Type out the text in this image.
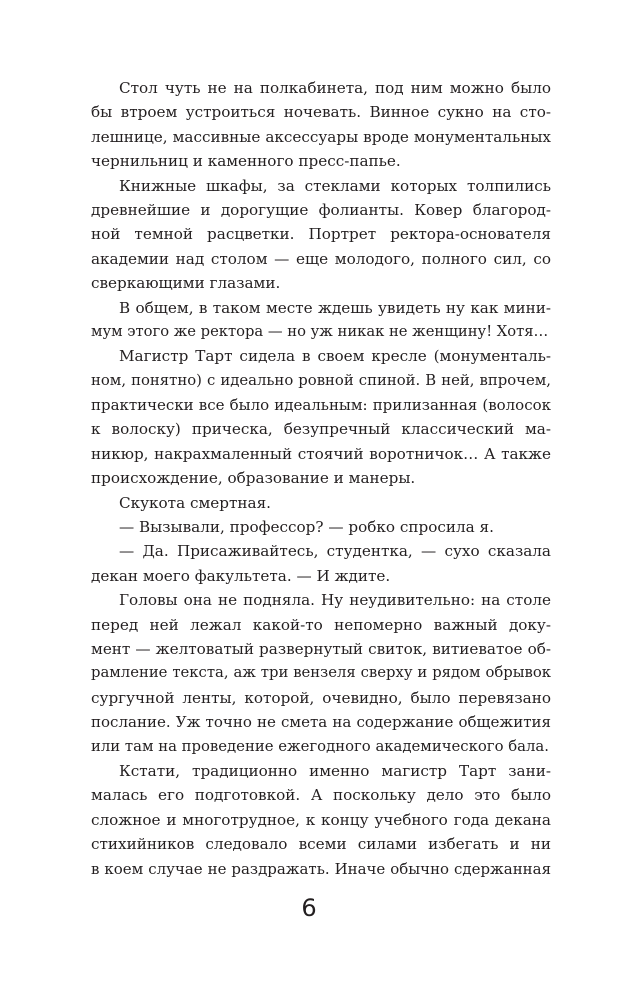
Стол чуть не на полкабинета, под ним можно было
бы втроем устроиться ночевать. Винное сукно на сто-
лешнице, массивные аксессуары вроде монументальных
чернильниц и каменного пресс-папье.
Книжные шкафы, за стеклами которых толпились
древнейшие и дорогущие фолианты. Ковер благород-
ной темной расцветки. Портрет ректора-основателя
академии над столом — еще молодого, полного сил, со
сверкающими глазами.
В общем, в таком месте ждешь увидеть ну как мини-
мум этого же ректора — но уж никак не женщину! Хотя…
Магистр Тарт сидела в своем кресле (монументаль-
ном, понятно) с идеально ровной спиной. В ней, впрочем,
практически все было идеальным: прилизанная (волосок
к волоску) прическа, безупречный классический ма-
никюр, накрахмаленный стоячий воротничок… А также
происхождение, образование и манеры.
Скукота смертная.
— Вызывали, профессор? — робко спросила я.
— Да. Присаживайтесь, студентка, — сухо сказала
декан моего факультета. — И ждите.
Головы она не подняла. Ну неудивительно: на столе
перед ней лежал какой-то непомерно важный доку-
мент — желтоватый развернутый свиток, витиеватое об-
рамление текста, аж три вензеля сверху и рядом обрывок
сургучной ленты, которой, очевидно, было перевязано
послание. Уж точно не смета на содержание общежития
или там на проведение ежегодного академического бала.
Кстати, традиционно именно магистр Тарт зани-
малась его подготовкой. А поскольку дело это было
сложное и многотрудное, к концу учебного года декана
стихийников следовало всеми силами избегать и ни
в коем случае не раздражать. Иначе обычно сдержанная
6
